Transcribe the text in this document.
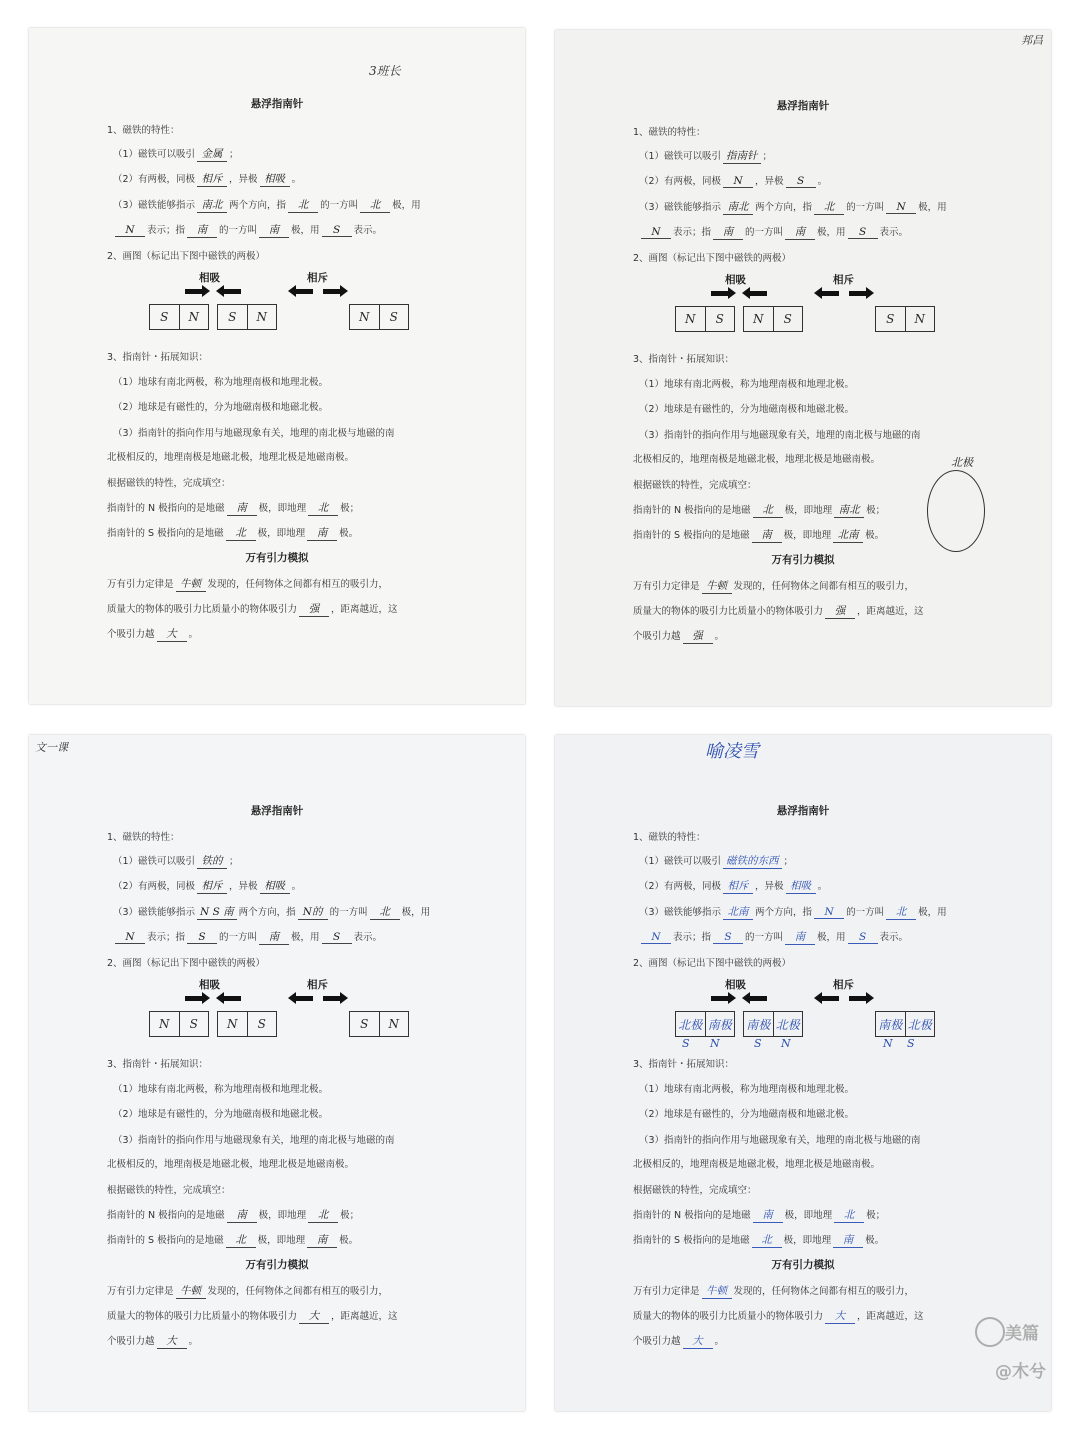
3班长
悬浮指南针
1、磁铁的特性：
（1）磁铁可以吸引 金属 ；
（2）有两极，同极 相斥 ，异极 相吸 。
（3）磁铁能够指示 南北 两个方向，指 北 的一方叫 北 极，用
N 表示；指 南 的一方叫 南 极，用 S 表示。
2、画图（标记出下图中磁铁的两极）
相吸	相斥
S	N	S	N	N	S
3、指南针・拓展知识：
（1）地球有南北两极，称为地理南极和地理北极。
（2）地球是有磁性的，分为地磁南极和地磁北极。
（3）指南针的指向作用与地磁现象有关，地理的南北极与地磁的南
北极相反的，地理南极是地磁北极，地理北极是地磁南极。
根据磁铁的特性，完成填空：
指南针的 N 极指向的是地磁 南 极，即地理 北 极；
指南针的 S 极指向的是地磁 北 极，即地理 南 极。
万有引力模拟
万有引力定律是 牛顿 发现的，任何物体之间都有相互的吸引力，
质量大的物体的吸引力比质量小的物体吸引力 强 ，距离越近，这
个吸引力越 大 。
邦昌
悬浮指南针
1、磁铁的特性：
（1）磁铁可以吸引 指南针 ；
（2）有两极，同极 N ，异极 S 。
（3）磁铁能够指示 南北 两个方向，指 北 的一方叫 N 极，用
N 表示；指 南 的一方叫 南 极，用 S 表示。
2、画图（标记出下图中磁铁的两极）
相吸	相斥
N	S	N	S	S	N
3、指南针・拓展知识：
（1）地球有南北两极，称为地理南极和地理北极。
（2）地球是有磁性的，分为地磁南极和地磁北极。
（3）指南针的指向作用与地磁现象有关，地理的南北极与地磁的南
北极相反的，地理南极是地磁北极，地理北极是地磁南极。
根据磁铁的特性，完成填空：
指南针的 N 极指向的是地磁 北 极，即地理 南北 极；
指南针的 S 极指向的是地磁 南 极，即地理 北南 极。
万有引力模拟
万有引力定律是 牛顿 发现的，任何物体之间都有相互的吸引力，
质量大的物体的吸引力比质量小的物体吸引力 强 ，距离越近，这
个吸引力越 强 。
北极
文一课
悬浮指南针
1、磁铁的特性：
（1）磁铁可以吸引 铁的 ；
（2）有两极，同极 相斥 ，异极 相吸 。
（3）磁铁能够指示 N S 南 两个方向，指 N的 的一方叫 北 极，用
N 表示；指 S 的一方叫 南 极，用 S 表示。
2、画图（标记出下图中磁铁的两极）
相吸	相斥
N	S	N	S	S	N
3、指南针・拓展知识：
（1）地球有南北两极，称为地理南极和地理北极。
（2）地球是有磁性的，分为地磁南极和地磁北极。
（3）指南针的指向作用与地磁现象有关，地理的南北极与地磁的南
北极相反的，地理南极是地磁北极，地理北极是地磁南极。
根据磁铁的特性，完成填空：
指南针的 N 极指向的是地磁 南 极，即地理 北 极；
指南针的 S 极指向的是地磁 北 极，即地理 南 极。
万有引力模拟
万有引力定律是 牛顿 发现的，任何物体之间都有相互的吸引力，
质量大的物体的吸引力比质量小的物体吸引力 大 ，距离越近，这
个吸引力越 大 。
喻凌雪
悬浮指南针
1、磁铁的特性：
（1）磁铁可以吸引 磁铁的东西 ；
（2）有两极，同极 相斥 ，异极 相吸 。
（3）磁铁能够指示 北南 两个方向，指 N 的一方叫 北 极，用
N 表示；指 S 的一方叫 南 极，用 S 表示。
2、画图（标记出下图中磁铁的两极）
相吸	相斥
北极 南极 南极 北极	南极 北极
3、指南针・拓展知识：
（1）地球有南北两极，称为地理南极和地理北极。
（2）地球是有磁性的，分为地磁南极和地磁北极。
（3）指南针的指向作用与地磁现象有关，地理的南北极与地磁的南
北极相反的，地理南极是地磁北极，地理北极是地磁南极。
根据磁铁的特性，完成填空：
指南针的 N 极指向的是地磁 南 极，即地理 北 极；
指南针的 S 极指向的是地磁 北 极，即地理 南 极。
万有引力模拟
万有引力定律是 牛顿 发现的，任何物体之间都有相互的吸引力，
质量大的物体的吸引力比质量小的物体吸引力 大 ，距离越近，这
个吸引力越 大 。
S N	S N	N S
美篇
@木兮
